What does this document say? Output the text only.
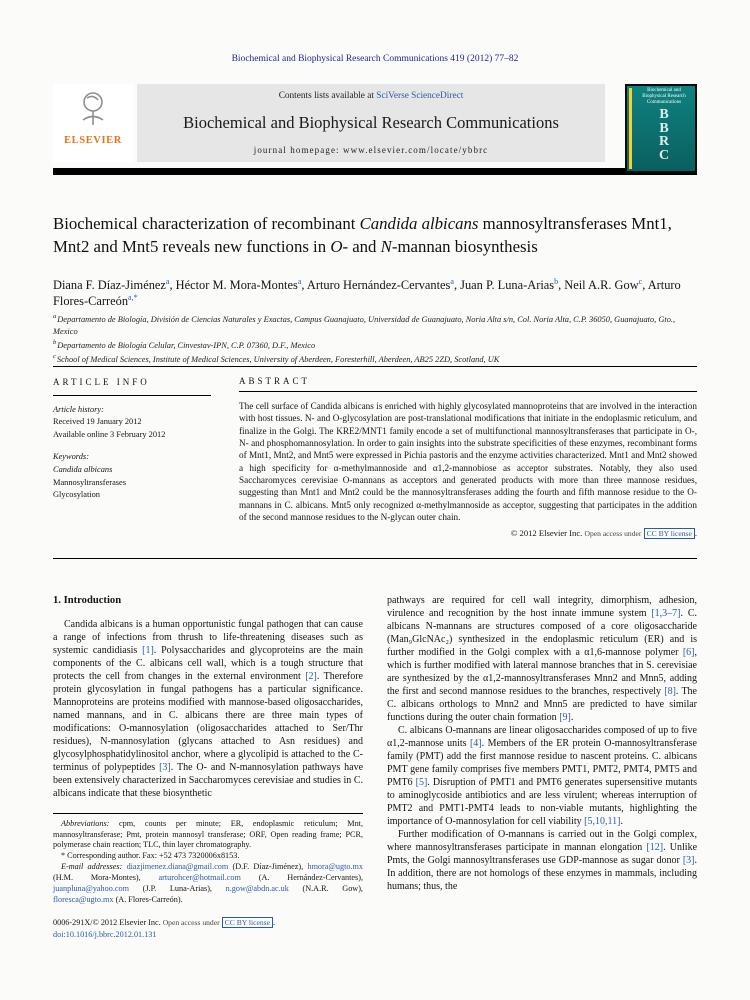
Biochemical and Biophysical Research Communications 419 (2012) 77–82
ELSEVIER
Contents lists available at SciVerse ScienceDirect
Biochemical and Biophysical Research Communications
journal homepage: www.elsevier.com/locate/ybbrc
Biochemical and Biophysical Research Communications
B
B
R
C
Biochemical characterization of recombinant Candida albicans mannosyltransferases Mnt1, Mnt2 and Mnt5 reveals new functions in O- and N-mannan biosynthesis
Diana F. Díaz-Jiménez$^a$, Héctor M. Mora-Montes$^a$, Arturo Hernández-Cervantes$^a$, Juan P. Luna-Arias$^b$, Neil A.R. Gow$^c$, Arturo Flores-Carreón$^{a,*}$
$^a$Departamento de Biología, División de Ciencias Naturales y Exactas, Campus Guanajuato, Universidad de Guanajuato, Noria Alta s/n, Col. Noria Alta, C.P. 36050, Guanajuato, Gto., Mexico
$^b$Departamento de Biología Celular, Cinvestav-IPN, C.P. 07360, D.F., Mexico
$^c$School of Medical Sciences, Institute of Medical Sciences, University of Aberdeen, Foresterhill, Aberdeen, AB25 2ZD, Scotland, UK
ARTICLE INFO
Article history:
Received 19 January 2012
Available online 3 February 2012
Keywords:
Candida albicans
Mannosyltransferases
Glycosylation
ABSTRACT
The cell surface of Candida albicans is enriched with highly glycosylated mannoproteins that are involved in the interaction with host tissues. N- and O-glycosylation are post-translational modifications that initiate in the endoplasmic reticulum, and finalize in the Golgi. The KRE2/MNT1 family encode a set of multifunctional mannosyltransferases that participate in O-, N- and phosphomannosylation. In order to gain insights into the substrate specificities of these enzymes, recombinant forms of Mnt1, Mnt2, and Mnt5 were expressed in Pichia pastoris and the enzyme activities characterized. Mnt1 and Mnt2 showed a high specificity for α-methylmannoside and α1,2-mannobiose as acceptor substrates. Notably, they also used Saccharomyces cerevisiae O-mannans as acceptors and generated products with more than three mannose residues, suggesting than Mnt1 and Mnt2 could be the mannosyltransferases adding the fourth and fifth mannose residue to the O-mannans in C. albicans. Mnt5 only recognized α-methylmannoside as acceptor, suggesting that participates in the addition of the second mannose residues to the N-glycan outer chain.
© 2012 Elsevier Inc. Open access under CC BY license .
1. Introduction

Candida albicans is a human opportunistic fungal pathogen that can cause a range of infections from thrush to life-threatening diseases such as systemic candidiasis [1]. Polysaccharides and glycoproteins are the main components of the C. albicans cell wall, which is a tough structure that protects the cell from changes in the external environment [2]. Therefore protein glycosylation in fungal pathogens has a particular significance. Mannoproteins are proteins modified with mannose-based oligosaccharides, named mannans, and in C. albicans there are three main types of modifications: O-mannosylation (oligosaccharides attached to Ser/Thr residues), N-mannosylation (glycans attached to Asn residues) and glycosylphosphatidylinositol anchor, where a glycolipid is attached to the C-terminus of polypeptides [3]. The O- and N-mannosylation pathways have been extensively characterized in Saccharomyces cerevisiae and studies in C. albicans indicate that these biosynthetic

Abbreviations: cpm, counts per minute; ER, endoplasmic reticulum; Mnt, mannosyltransferase; Pmt, protein mannosyl transferase; ORF, Open reading frame; PCR, polymerase chain reaction; TLC, thin layer chromatography.

* Corresponding author. Fax: +52 473 7320006x8153.

E-mail addresses: diazjimenez.diana@gmail.com (D.F. Díaz-Jiménez), hmora@ugto.mx (H.M. Mora-Montes), arturohcer@hotmail.com (A. Hernández-Cervantes), juanpluna@yahoo.com (J.P. Luna-Arias), n.gow@abdn.ac.uk (N.A.R. Gow), floresca@ugto.mx (A. Flores-Carreón).

0006-291X/© 2012 Elsevier Inc. Open access under CC BY license .
doi:10.1016/j.bbrc.2012.01.131

pathways are required for cell wall integrity, dimorphism, adhesion, virulence and recognition by the host innate immune system [1,3–7]. C. albicans N-mannans are structures composed of a core oligosaccharide (Man₉GlcNAc₂) synthesized in the endoplasmic reticulum (ER) and is further modified in the Golgi complex with a α1,6-mannose polymer [6], which is further modified with lateral mannose branches that in S. cerevisiae are synthesized by the α1,2-mannosyltransferases Mnn2 and Mnn5, adding the first and second mannose residues to the branches, respectively [8]. The C. albicans orthologs to Mnn2 and Mnn5 are predicted to have similar functions during the outer chain formation [9].

C. albicans O-mannans are linear oligosaccharides composed of up to five α1,2-mannose units [4]. Members of the ER protein O-mannosyltransferase family (PMT) add the first mannose residue to nascent proteins. C. albicans PMT gene family comprises five members PMT1, PMT2, PMT4, PMT5 and PMT6 [5]. Disruption of PMT1 and PMT6 generates supersensitive mutants to aminoglycoside antibiotics and are less virulent; whereas interruption of PMT2 and PMT1-PMT4 leads to non-viable mutants, highlighting the importance of O-mannosylation for cell viability [5,10,11].

Further modification of O-mannans is carried out in the Golgi complex, where mannosyltransferases participate in mannan elongation [12]. Unlike Pmts, the Golgi mannosyltransferases use GDP-mannose as sugar donor [3]. In addition, there are not homologs of these enzymes in mammals, including humans; thus, the
